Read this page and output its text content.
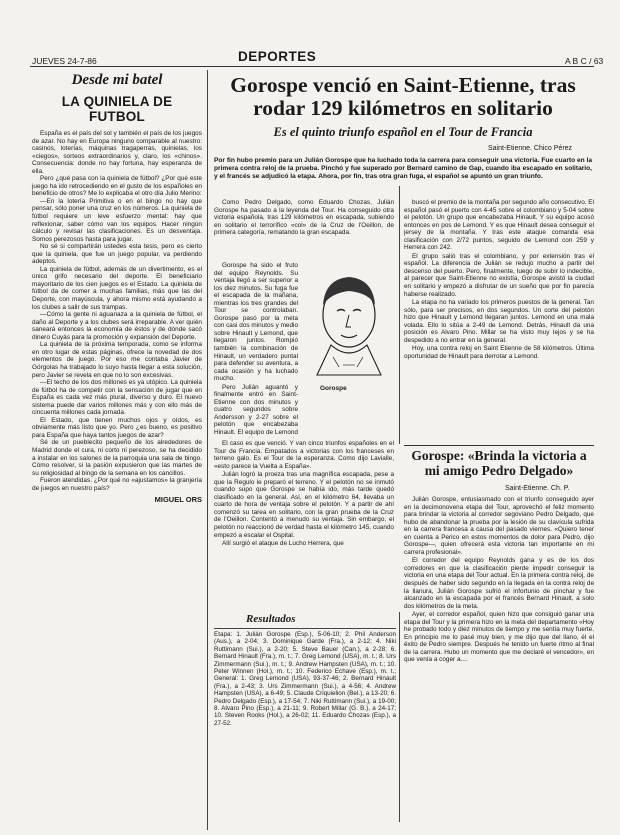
JUEVES 24-7-86	DEPORTES	A B C / 63
Desde mi batel
LA QUINIELA DE FUTBOL

España es el país del sol y también el país de los juegos de azar. No hay en Europa ninguno comparable al nuestro: casinos, loterías, máquinas tragaperras, quinielas, los «ciegos», sorteos extraordinarios y, claro, los «chinos». Consecuencia: donde no hay fortuna, hay esperanza de ella.

Pero ¿qué pasa con la quiniela de fútbol? ¿Por qué este juego ha ido retrocediendo en el gusto de los españoles en beneficio de otros? Me lo explicaba el otro día Julio Merino:

—En la lotería Primitiva o en el bingo no hay que pensar, sólo poner una cruz en los números. La quiniela de fútbol requiere un leve esfuerzo mental: hay que reflexionar, saber cómo van los equipos. Hacer ningún cálculo y revisar las clasificaciones. Es un desventaja. Somos perezosos hasta para jugar.

No sé si compartirán ustedes esta tesis, pero es cierto que la quiniela, que fue un juego popular, va perdiendo adeptos.

La quiniela de fútbol, además de un divertimento, es el único grifo necesario del deporte. El beneficiario mayoritario de los cien juegos es el Estado. La quiniela de fútbol da de comer a muchas familias, más que las del Deporte, con mayúscula, y ahora mismo está ayudando a los clubes a salir de sus trampas.

—Cómo la gente ni aguanaza a la quiniela de fútbol, el daño al Deporte y a los clubes será irreparable. A ver quién saneará entonces la economía de éstos y de dónde sacó dinero Cuyás para la promoción y expansión del Deporte.

La quiniela de la próxima temporada, como se informa en otro lugar de estas páginas, ofrece la novedad de dos elementos de juego. Por eso me contaba Javier de Górgolas ha trabajado lo suyo hasta llegar a esta solución, pero Javier se revela en que no lo son excesivas.

—El techo de los dos millones es ya utópico. La quiniela de fútbol ha de competir con la sensación de jugar que en España es cada vez más plural, diverso y duro. El nuevo sistema puede dar varios millones más y con ello más de cincuenta millones cada jornada.

El Estado, que tienen muchos ojos y oídos, es obviamente más listo que yo. Pero ¿es bueno, es positivo para España que haya tantos juegos de azar?

Sé de un pueblecito pequeño de los alrededores de Madrid donde el cura, ni corto ni perezoso, se ha decidido a instalar en los salones de la parroquia una sala de bingo. Cómo resolver, si la pasión expusieron que las martes de su religiosidad al bingo de la semana en los cancillos.

Fueron atendidas. ¿Por qué no «ajustamos» la granjería de juegos en nuestro país?

MIGUEL ORS
Gorospe venció en Saint-Etienne, tras rodar 129 kilómetros en solitario
Es el quinto triunfo español en el Tour de Francia
Saint-Etienne. Chico Pérez
Por fin hubo premio para un Julián Gorospe que ha luchado toda la carrera para conseguir una victoria. Fue cuarto en la primera contra reloj de la prueba. Pinchó y fue superado por Bernard camino de Gap, cuando iba escapado en solitario, y el francés se adjudicó la etapa. Ahora, por fin, tras otra gran fuga, el español se apuntó un gran triunfo.

Como Pedro Delgado, como Eduardo Chozas, Julián Gorospe ha pasado a la leyenda del Tour. Ha conseguido otra victoria española, tras 129 kilómetros en escapada, subiendo en solitario el terrorífico «col» de la Cruz de l'Oeillon, de primera categoría, rematando la gran escapada.

Gorospe ha sido el fruto del equipo Reynolds. Su ventaja llegó a ser superior a los diez minutos. Su fuga fue el escapada de la mañana, mientras los tres grandes del Tour se controlaban. Gorospe pasó por la meta con casi dos minutos y medio sobre Hinault y Lemond, que llegaron juntos. Rompió también la combinación de Hinault, un verdadero puntal para defender su aventura, a cada ocasión y ha luchado mucho.

Pero Julián aguantó y finalmente entró en Saint-Etienne con dos minutos y cuatro segundos sobre Andersson y 2-27 sobre el pelotón que encabezaba Hinault. El equipo de Lemond

Gorospe

El caso es que venció. Y van cinco triunfos españoles en el Tour de Francia. Empatados a victorias con los franceses en terreno galo. Es el Tour de la esperanza. Como dijo Lavialle, «esto parece la Vuelta a España».

Julián logró la proeza tras una magnífica escapada, pese a que la Regulo le preparó el terreno. Y el pelotón no se inmutó cuando supo que Gorospe se había ido, más tarde quedó clasificado en la general. Así, en el kilómetro 64, llevaba un cuarto de hora de ventaja sobre el pelotón. Y a partir de ahí comenzó su tarea en solitario, con la gran prueba de la Cruz de l'Oeillon. Contentó a menudo su ventaja. Sin embargo, el pelotón no reaccionó de verdad hasta el kilómetro 145, cuando empezó a escalar el Ospital.

Allí surgió el ataque de Lucho Herrera, que

buscó el premio de la montaña por segundo año consecutivo. El español pasó el puerto con 4-45 sobre el colombiano y 5-04 sobre el pelotón. Un grupo que encabezaba Hinault. Y su equipo acosó entonces en pos de Lemond. Y es que Hinault desea conseguir el jersey de la montaña. Y tras este ataque comanda esa clasificación con 2/72 puntos, seguido de Lemond con 259 y Herrera con 242.

El grupo salió tras el colombiano, y por extensión tras el español. La diferencia de Julián se redujo mucho a partir del descenso del puerto. Pero, finalmente, luego de subir lo indecible, al parecer que Saint-Etienne no existía, Gorospe avistó la ciudad en solitario y empezó a disfrutar de un sueño que por fin parecía haberse realizado.

La etapa no ha variado los primeros puestos de la general. Tan sólo, para ser precisos, en dos segundos. Un corte del pelotón hizo que Hinault y Lemond llegaran juntos. Lemond en una mala volada. Ello lo sitúa a 2-49 de Lemond. Detrás, Hinault da una posición es Alvaro Pino. Millar se ha visto muy lejos y se ha despedido a no entrar en la general.

Hoy, una contra reloj en Saint Etienne de 58 kilómetros. Última oportunidad de Hinault para derrotar a Lemond.

Resultados
Etapa: 1. Julián Gorospe (Esp.), 5-06-10; 2. Phil Anderson (Aus.), a 2-04; 3. Dominique Garde (Fra.), a 2-12; 4. Niki Ruttimann (Sui.), a 2-20; 5. Steve Bauer (Can.), a 2-28; 6. Bernard Hinault (Fra.), m. t.; 7. Greg Lemond (USA), m. t.; 8. Urs Zimmermann (Sui.), m. t.; 9. Andrew Hampsten (USA), m. t.; 10. Peter Winnen (Hol.), m. t.; 10. Federico Echave (Esp.), m. t.; General: 1. Greg Lemond (USA), 93-37-46; 2. Bernard Hinault (Fra.), a 2-43; 3. Urs Zimmermann (Sui.), a 4-56; 4. Andrew Hampsten (USA), a 6-49; 5. Claude Criquielion (Bel.), a 13-20; 6. Pedro Delgado (Esp.), a 17-54; 7. Niki Ruttimann (Sui.), a 19-00; 8. Alvaro Pino (Esp.), a 21-11; 9. Robert Millar (G. B.), a 24-17; 10. Steven Rooks (Hol.), a 26-02; 11. Eduardo Chozas (Esp.), a 27-52.
Gorospe: «Brinda la victoria a mi amigo Pedro Delgado»
Saint-Etienne. Ch. P.

Julián Gorospe, entusiasmado con el triunfo conseguido ayer en la decimonovena etapa del Tour, aprovechó el feliz momento para brindar la victoria al corredor segoviano Pedro Delgado, que hubo de abandonar la prueba por la lesión de su clavícula sufrida en la carrera francesa a causa del pasado viernes. «Quiero tener en cuenta a Perico en estos momentos de dolor para Pedro, dijo Gorospe—, quien ofrecerá esta victoria tan importante en mi carrera profesional».

El corredor del equipo Reynolds gana y es de los dos corredores en que la clasificación pierde impedir conseguir la victoria en una etapa del Tour actual. En la primera contra reloj, de después de haber sido segundo en la llegada en la contra reloj de la llanura, Julián Gorospe sufrió el infortunio de pinchar y fue alcanzado en la escapada por el francés Bernard Hinault, a solo dos kilómetros de la meta.

Ayer, el corredor español, quien hizo que consiguió ganar una etapa del Tour y la primera hizo en la meta del departamento «Hoy he probado todo y diez minutos de tiempo y me sentía muy fuerte. En principio me lo pasé muy bien, y me dijo que del llano, él el éxito de Pedro siempre. Después he tenido un fuerte ritmo al final de la carrera. Hubo un momento que me declaré el vencedor», en que venía a coger a....
